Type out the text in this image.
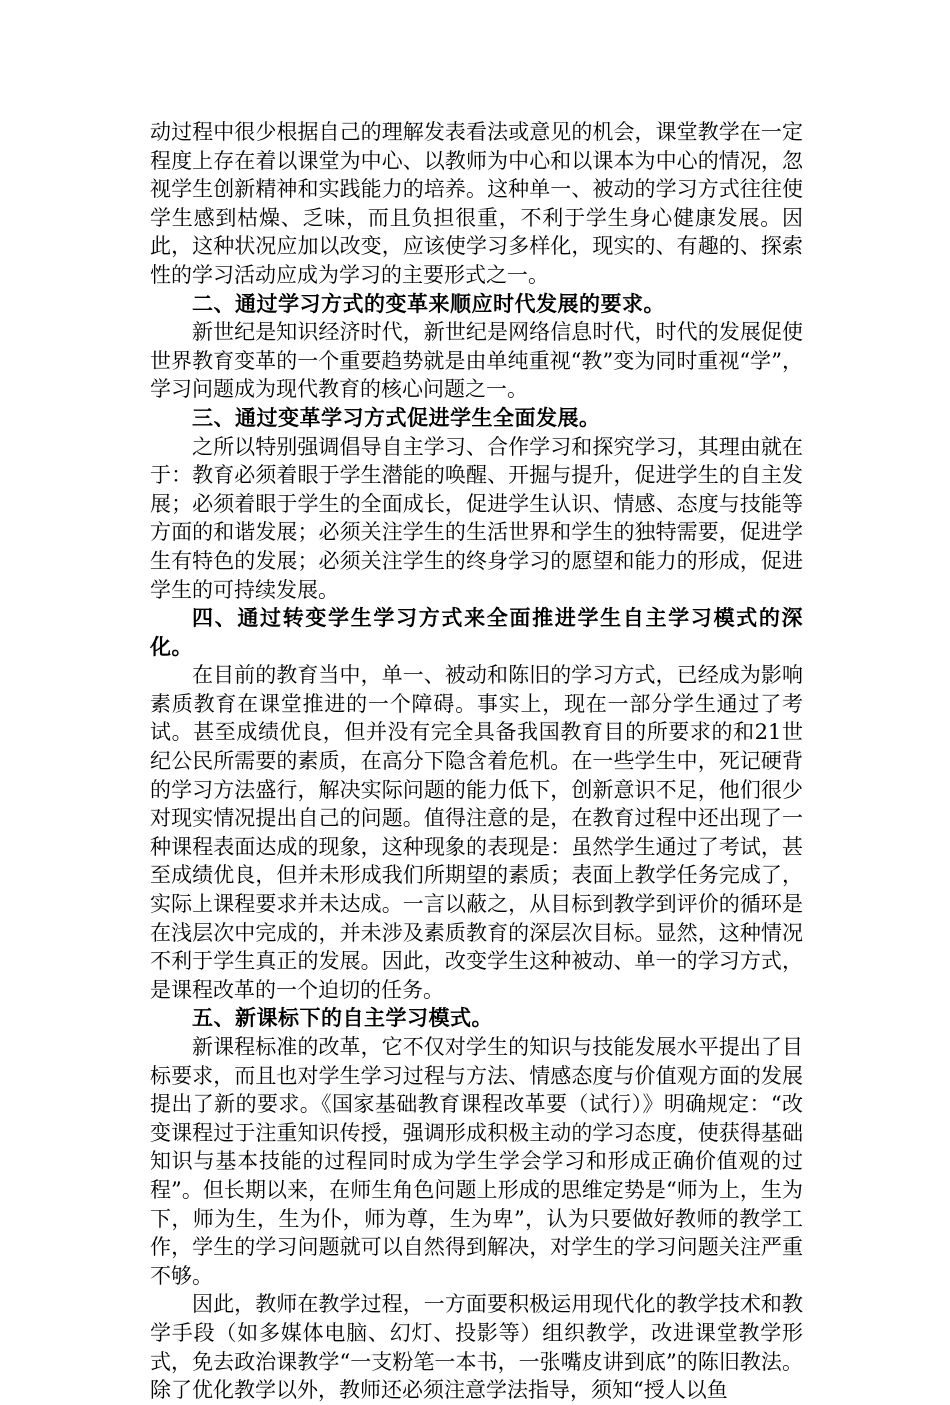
动过程中很少根据自己的理解发表看法或意见的机会，课堂教学在一定程度上存在着以课堂为中心、以教师为中心和以课本为中心的情况，忽视学生创新精神和实践能力的培养。这种单一、被动的学习方式往往使学生感到枯燥、乏味，而且负担很重，不利于学生身心健康发展。因此，这种状况应加以改变，应该使学习多样化，现实的、有趣的、探索性的学习活动应成为学习的主要形式之一。

二、通过学习方式的变革来顺应时代发展的要求。

新世纪是知识经济时代，新世纪是网络信息时代，时代的发展促使世界教育变革的一个重要趋势就是由单纯重视“教”变为同时重视“学”，学习问题成为现代教育的核心问题之一。

三、通过变革学习方式促进学生全面发展。

之所以特别强调倡导自主学习、合作学习和探究学习，其理由就在于：教育必须着眼于学生潜能的唤醒、开掘与提升，促进学生的自主发展；必须着眼于学生的全面成长，促进学生认识、情感、态度与技能等方面的和谐发展；必须关注学生的生活世界和学生的独特需要，促进学生有特色的发展；必须关注学生的终身学习的愿望和能力的形成，促进学生的可持续发展。

四、通过转变学生学习方式来全面推进学生自主学习模式的深化。

在目前的教育当中，单一、被动和陈旧的学习方式，已经成为影响素质教育在课堂推进的一个障碍。事实上，现在一部分学生通过了考试。甚至成绩优良，但并没有完全具备我国教育目的所要求的和21世纪公民所需要的素质，在高分下隐含着危机。在一些学生中，死记硬背的学习方法盛行，解决实际问题的能力低下，创新意识不足，他们很少对现实情况提出自己的问题。值得注意的是，在教育过程中还出现了一种课程表面达成的现象，这种现象的表现是：虽然学生通过了考试，甚至成绩优良，但并未形成我们所期望的素质；表面上教学任务完成了，实际上课程要求并未达成。一言以蔽之，从目标到教学到评价的循环是在浅层次中完成的，并未涉及素质教育的深层次目标。显然，这种情况不利于学生真正的发展。因此，改变学生这种被动、单一的学习方式，是课程改革的一个迫切的任务。

五、新课标下的自主学习模式。

新课程标准的改革，它不仅对学生的知识与技能发展水平提出了目标要求，而且也对学生学习过程与方法、情感态度与价值观方面的发展提出了新的要求。《国家基础教育课程改革要（试行）》明确规定：“改变课程过于注重知识传授，强调形成积极主动的学习态度，使获得基础知识与基本技能的过程同时成为学生学会学习和形成正确价值观的过程”。但长期以来，在师生角色问题上形成的思维定势是“师为上，生为下，师为生，生为仆，师为尊，生为卑”，认为只要做好教师的教学工作，学生的学习问题就可以自然得到解决，对学生的学习问题关注严重不够。

因此，教师在教学过程，一方面要积极运用现代化的教学技术和教学手段（如多媒体电脑、幻灯、投影等）组织教学，改进课堂教学形式，免去政治课教学“一支粉笔一本书，一张嘴皮讲到底”的陈旧教法。除了优化教学以外，教师还必须注意学法指导，须知“授人以鱼
